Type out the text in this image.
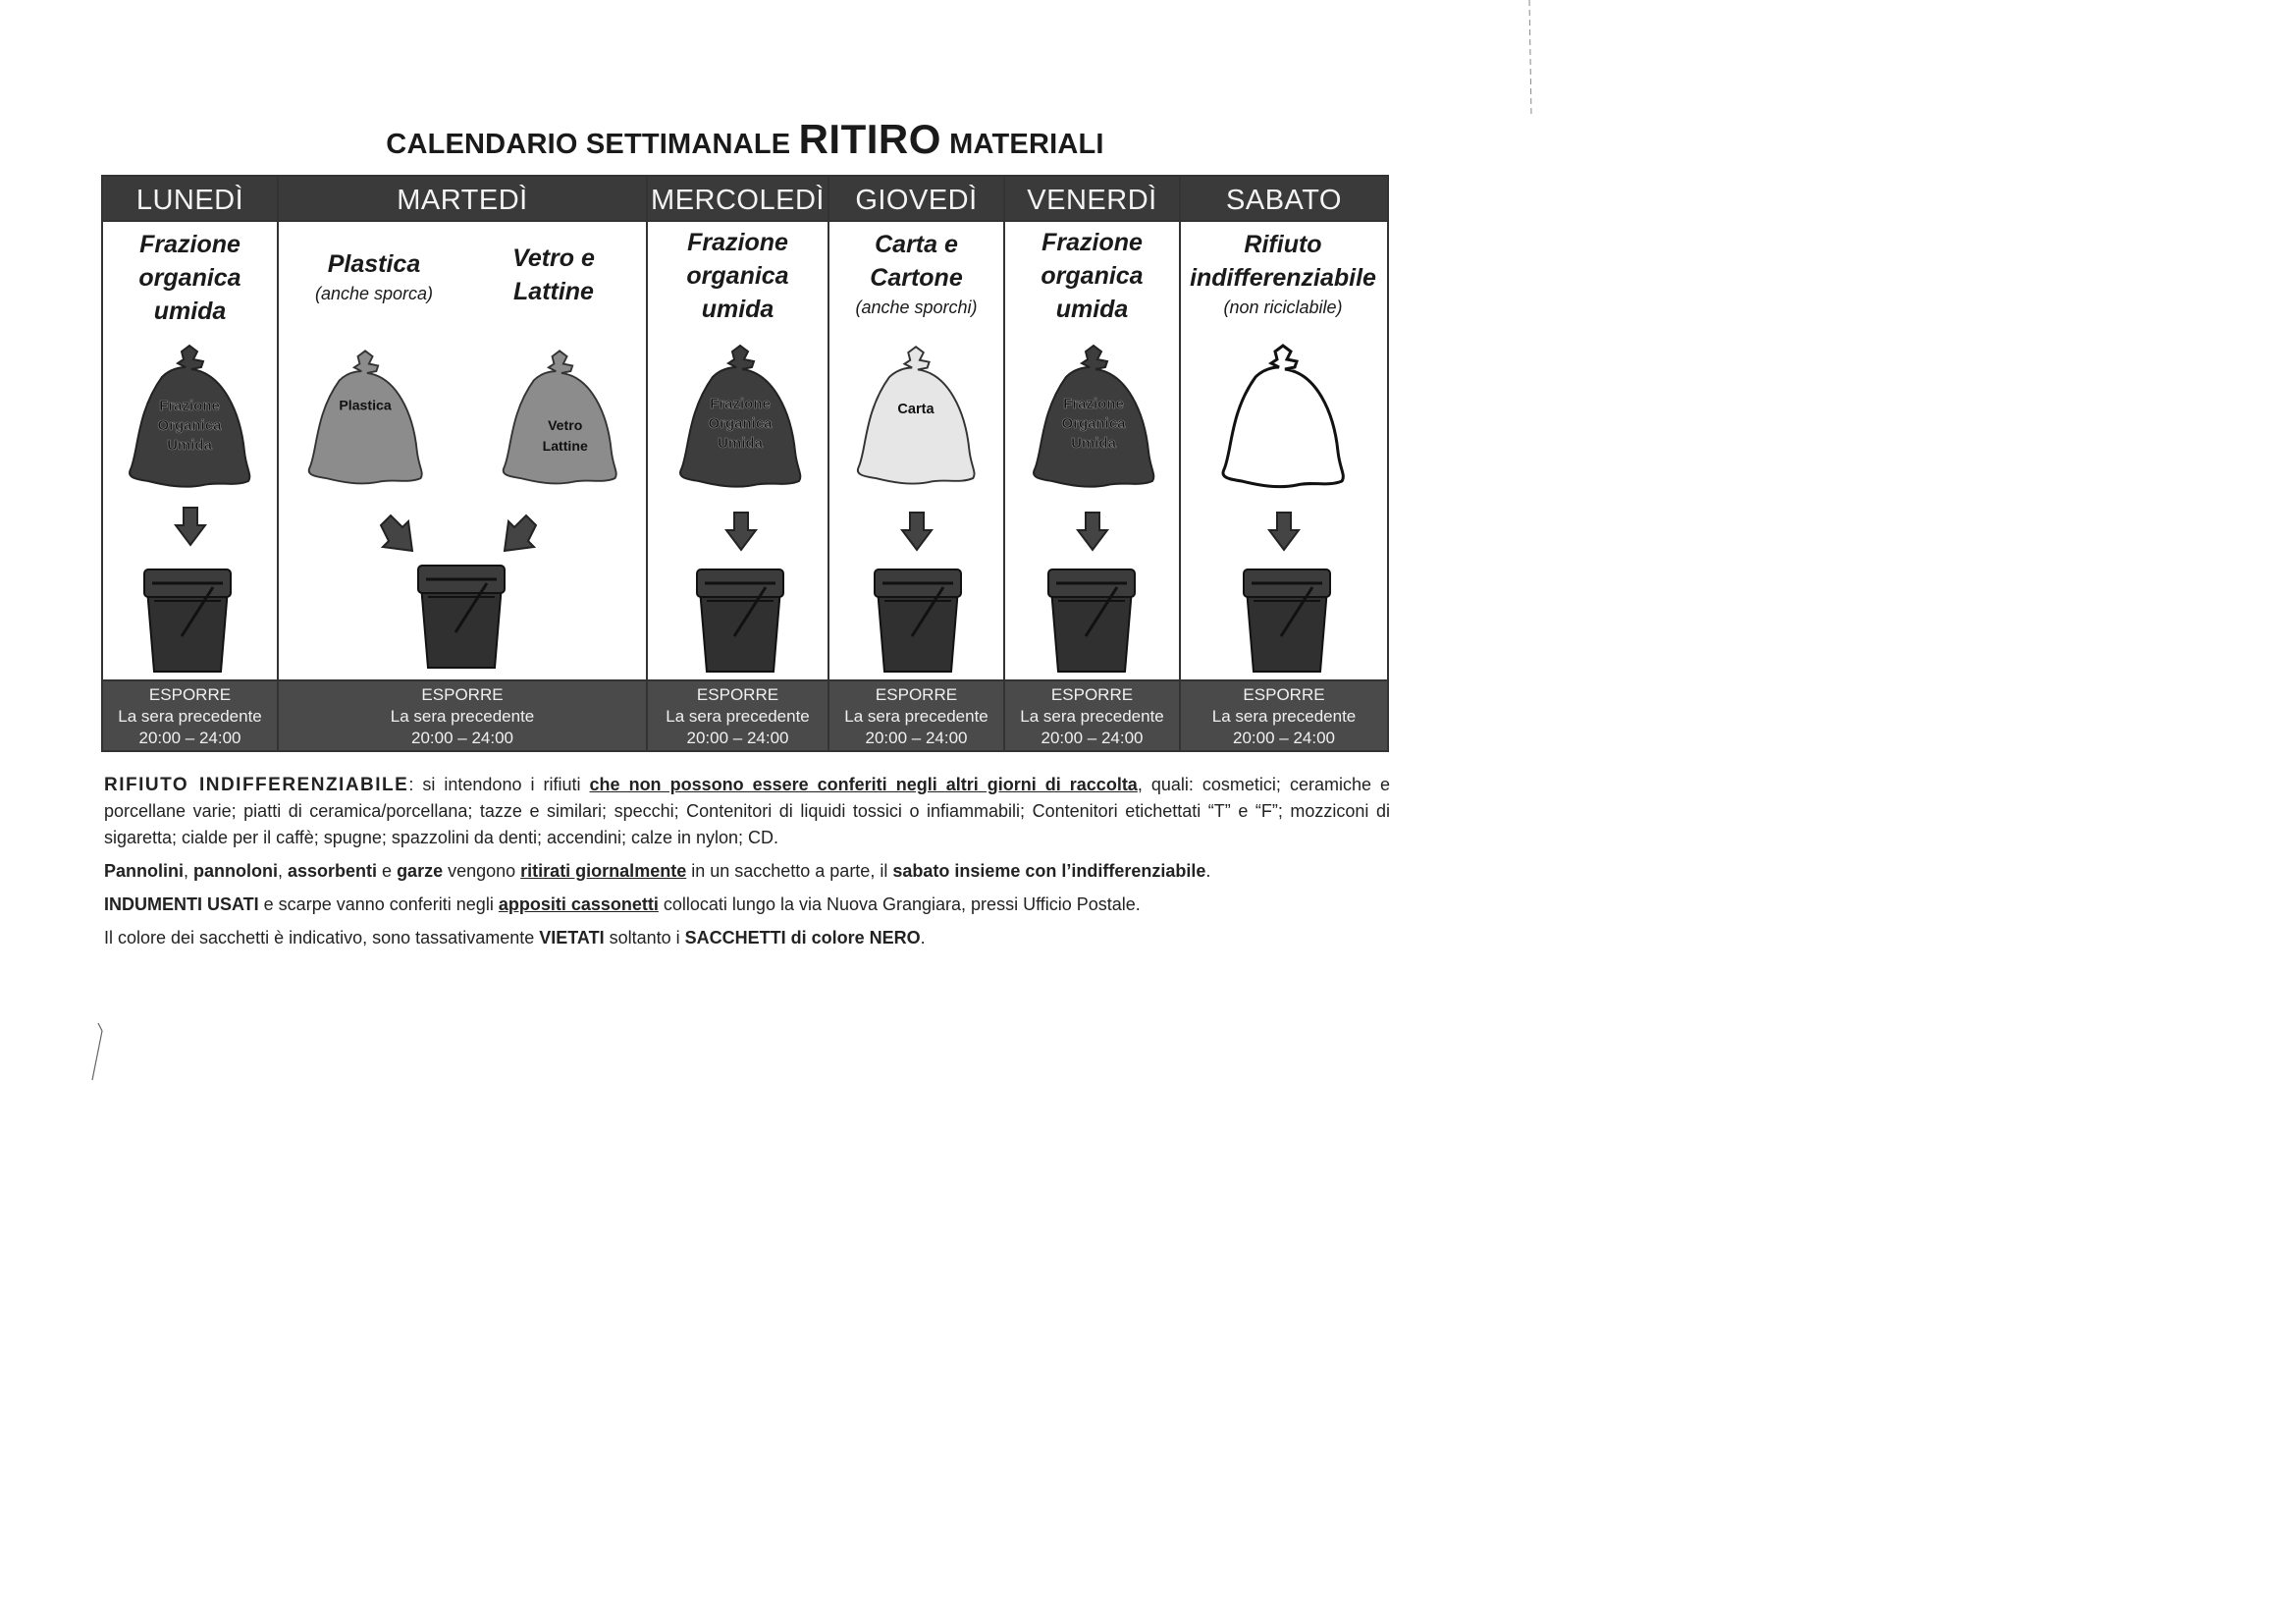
CALENDARIO SETTIMANALE RITIRO MATERIALI
LUNEDÌ
Frazione organica umida
Frazione
Organica
Umida
ESPORRE
La sera precedente
20:00 – 24:00
MARTEDÌ
Plastica
(anche sporca)
Vetro e Lattine
Plastica
Vetro
Lattine
ESPORRE
La sera precedente
20:00 – 24:00
MERCOLEDÌ
Frazione organica umida
Frazione
Organica
Umida
ESPORRE
La sera precedente
20:00 – 24:00
GIOVEDÌ
Carta e Cartone
(anche sporchi)
Carta
ESPORRE
La sera precedente
20:00 – 24:00
VENERDÌ
Frazione organica umida
Frazione
Organica
Umida
ESPORRE
La sera precedente
20:00 – 24:00
SABATO
Rifiuto indifferenziabile
(non riciclabile)
ESPORRE
La sera precedente
20:00 – 24:00

RIFIUTO INDIFFERENZIABILE: si intendono i rifiuti che non possono essere conferiti negli altri giorni di raccolta, quali: cosmetici; ceramiche e porcellane varie; piatti di ceramica/porcellana; tazze e similari; specchi; Contenitori di liquidi tossici o infiammabili; Contenitori etichettati “T” e “F”; mozziconi di sigaretta; cialde per il caffè; spugne; spazzolini da denti; accendini; calze in nylon; CD.

Pannolini, pannoloni, assorbenti e garze vengono ritirati giornalmente in un sacchetto a parte, il sabato insieme con l’indifferenziabile.

INDUMENTI USATI e scarpe vanno conferiti negli appositi cassonetti collocati lungo la via Nuova Grangiara, pressi Ufficio Postale.

Il colore dei sacchetti è indicativo, sono tassativamente VIETATI soltanto i SACCHETTI di colore NERO.
